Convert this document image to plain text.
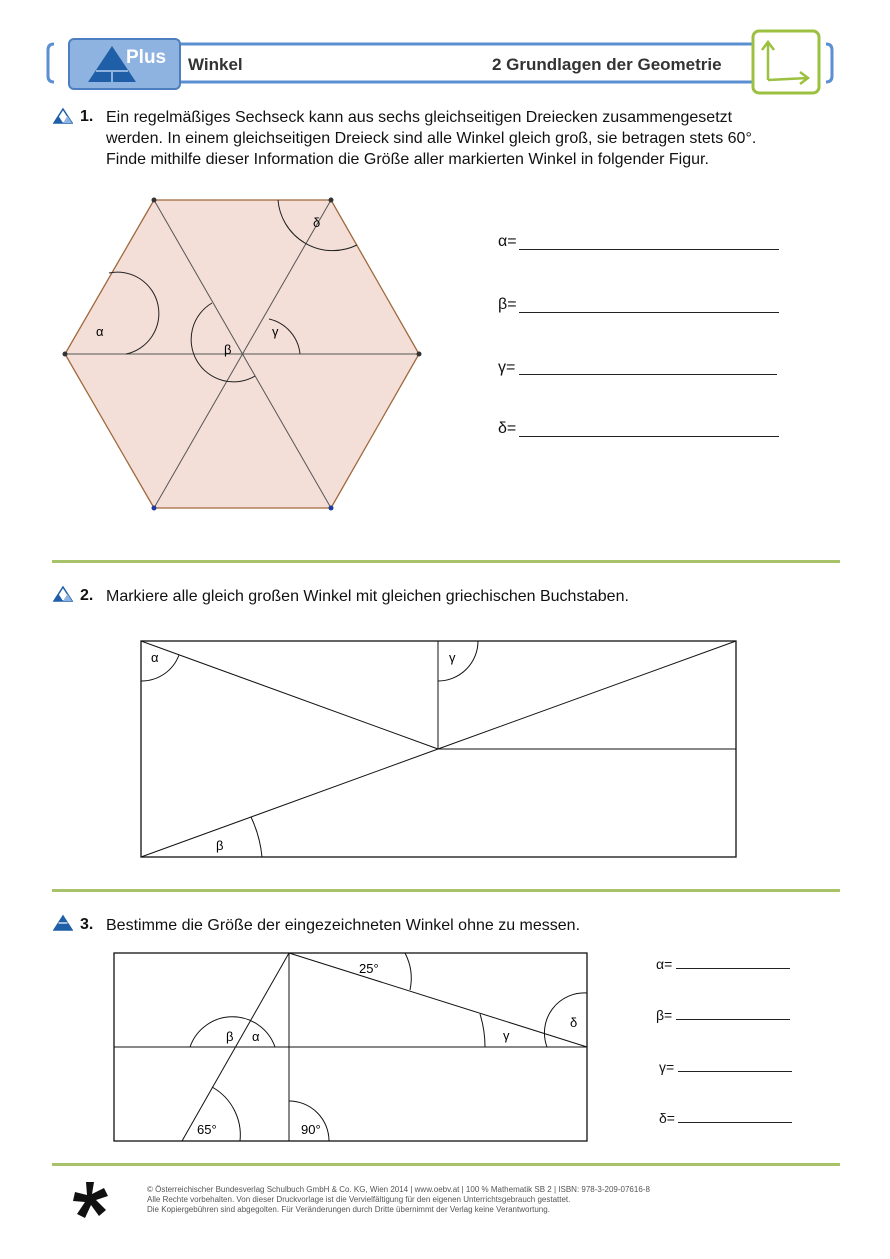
Plus Winkel	2 Grundlagen der Geometrie
1. Ein regelmäßiges Sechseck kann aus sechs gleichseitigen Dreiecken zusammengesetzt
werden. In einem gleichseitigen Dreieck sind alle Winkel gleich groß, sie betragen stets 60°.
Finde mithilfe dieser Information die Größe aller markierten Winkel in folgender Figur.
α
β
γ
δ
α=
β=
γ=
δ=
2. Markiere alle gleich großen Winkel mit gleichen griechischen Buchstaben.
α	γ
β
3. Bestimme die Größe der eingezeichneten Winkel ohne zu messen.
25°
β α	γ
δ
65°	90°
α=
β=
γ=
δ=
© Österreichischer Bundesverlag Schulbuch GmbH & Co. KG, Wien 2014 | www.oebv.at | 100 % Mathematik SB 2 | ISBN: 978-3-209-07616-8
Alle Rechte vorbehalten. Von dieser Druckvorlage ist die Vervielfältigung für den eigenen Unterrichtsgebrauch gestattet.
Die Kopiergebühren sind abgegolten. Für Veränderungen durch Dritte übernimmt der Verlag keine Verantwortung.
